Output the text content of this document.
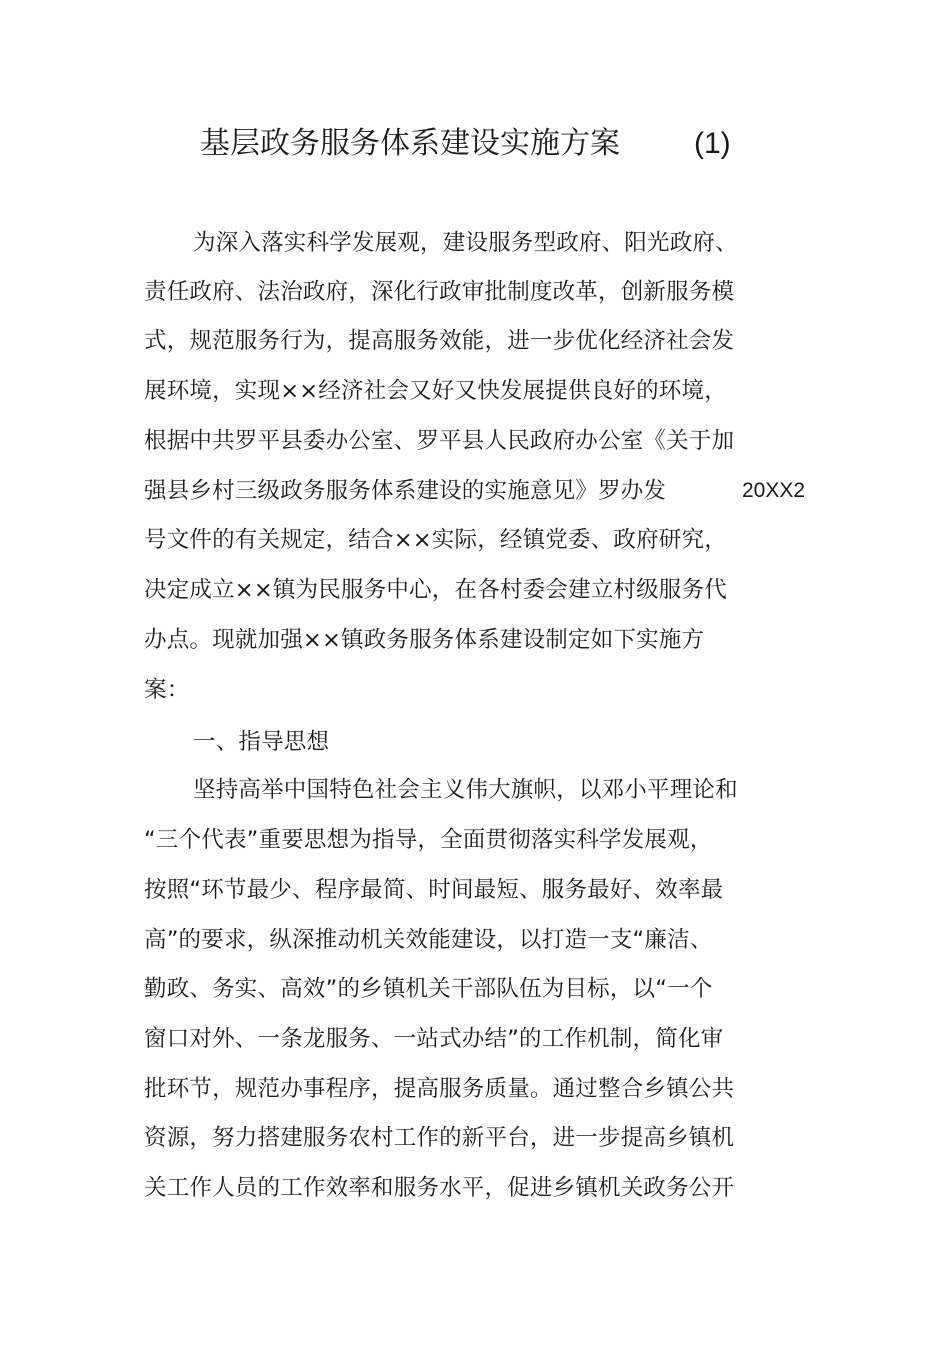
基层政务服务体系建设实施方案 (1)
为深入落实科学发展观，建设服务型政府、阳光政府、
责任政府、法治政府，深化行政审批制度改革，创新服务模
式，规范服务行为，提高服务效能，进一步优化经济社会发
展环境，实现××经济社会又好又快发展提供良好的环境，
根据中共罗平县委办公室、罗平县人民政府办公室《关于加
强县乡村三级政务服务体系建设的实施意见》罗办发	20XX2
号文件的有关规定，结合××实际，经镇党委、政府研究，
决定成立××镇为民服务中心，在各村委会建立村级服务代
办点。现就加强××镇政务服务体系建设制定如下实施方
案：
一、指导思想
坚持高举中国特色社会主义伟大旗帜，以邓小平理论和
“三个代表”重要思想为指导，全面贯彻落实科学发展观，
按照“环节最少、程序最简、时间最短、服务最好、效率最
高”的要求，纵深推动机关效能建设，以打造一支“廉洁、
勤政、务实、高效”的乡镇机关干部队伍为目标，以“一个
窗口对外、一条龙服务、一站式办结”的工作机制，简化审
批环节，规范办事程序，提高服务质量。通过整合乡镇公共
资源，努力搭建服务农村工作的新平台，进一步提高乡镇机
关工作人员的工作效率和服务水平，促进乡镇机关政务公开
